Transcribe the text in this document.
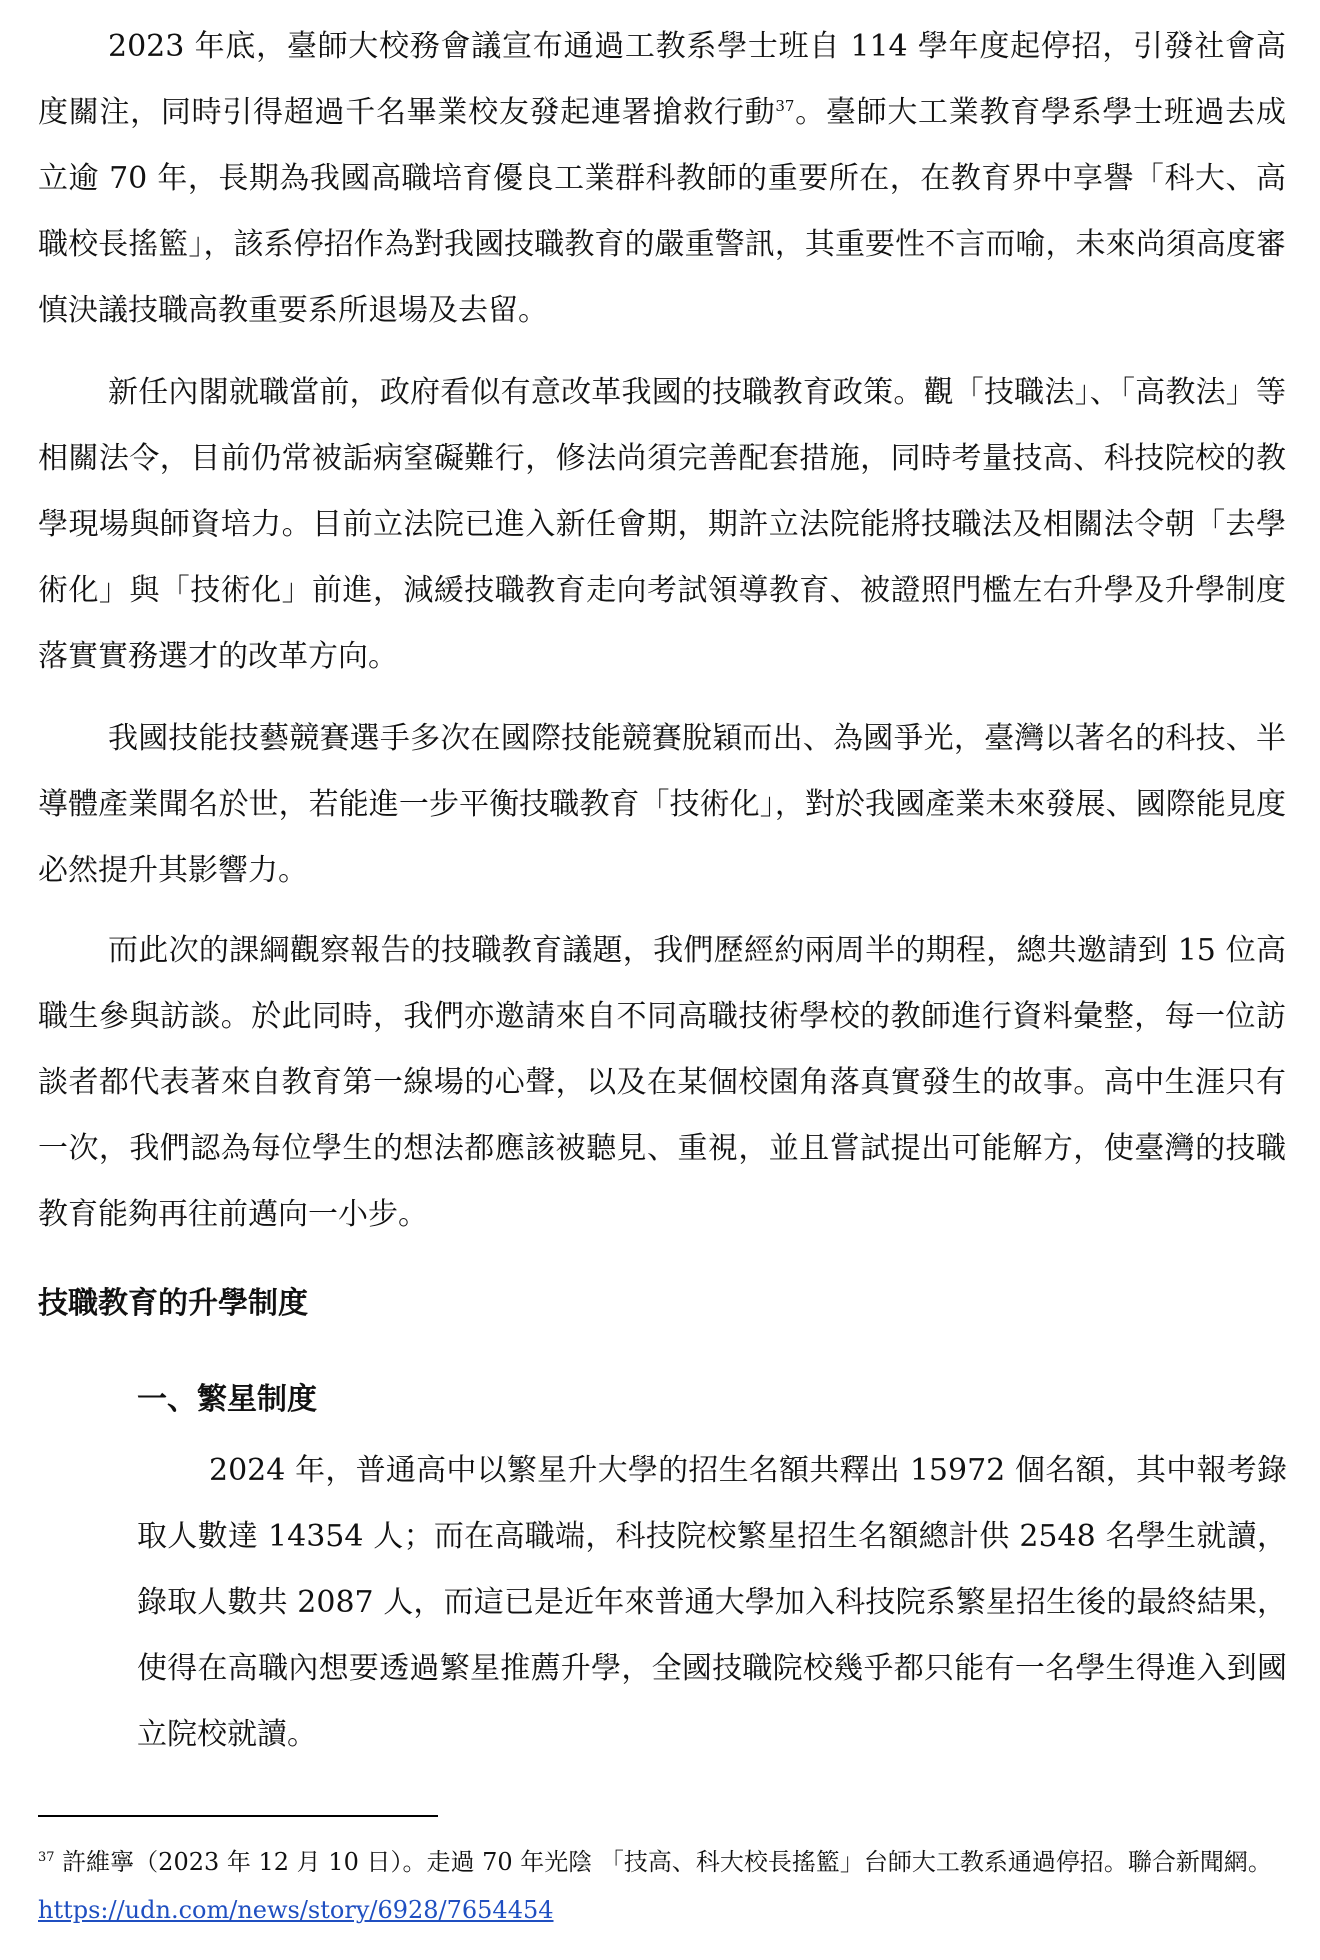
2023 年底，臺師大校務會議宣布通過工教系學士班自 114 學年度起停招，引發社會高度關注，同時引得超過千名畢業校友發起連署搶救行動$^{37}$。臺師大工業教育學系學士班過去成立逾 70 年，長期為我國高職培育優良工業群科教師的重要所在，在教育界中享譽「科大、高職校長搖籃」，該系停招作為對我國技職教育的嚴重警訊，其重要性不言而喻，未來尚須高度審慎決議技職高教重要系所退場及去留。

新任內閣就職當前，政府看似有意改革我國的技職教育政策。觀「技職法」、「高教法」等相關法令，目前仍常被詬病窒礙難行，修法尚須完善配套措施，同時考量技高、科技院校的教學現場與師資培力。目前立法院已進入新任會期，期許立法院能將技職法及相關法令朝「去學術化」與「技術化」前進，減緩技職教育走向考試領導教育、被證照門檻左右升學及升學制度落實實務選才的改革方向。

我國技能技藝競賽選手多次在國際技能競賽脫穎而出、為國爭光，臺灣以著名的科技、半導體產業聞名於世，若能進一步平衡技職教育「技術化」，對於我國產業未來發展、國際能見度必然提升其影響力。

而此次的課綱觀察報告的技職教育議題，我們歷經約兩周半的期程，總共邀請到 15 位高職生參與訪談。於此同時，我們亦邀請來自不同高職技術學校的教師進行資料彙整，每一位訪談者都代表著來自教育第一線場的心聲，以及在某個校園角落真實發生的故事。高中生涯只有一次，我們認為每位學生的想法都應該被聽見、重視，並且嘗試提出可能解方，使臺灣的技職教育能夠再往前邁向一小步。

技職教育的升學制度
一、繁星制度

2024 年，普通高中以繁星升大學的招生名額共釋出 15972 個名額，其中報考錄取人數達 14354 人；而在高職端，科技院校繁星招生名額總計供 2548 名學生就讀，錄取人數共 2087 人，而這已是近年來普通大學加入科技院系繁星招生後的最終結果，使得在高職內想要透過繁星推薦升學，全國技職院校幾乎都只能有一名學生得進入到國立院校就讀。

$^{37}$ 許維寧（2023 年 12 月 10 日）。走過 70 年光陰 「技高、科大校長搖籃」台師大工教系通過停招。聯合新聞網。https://udn.com/news/story/6928/7654454
